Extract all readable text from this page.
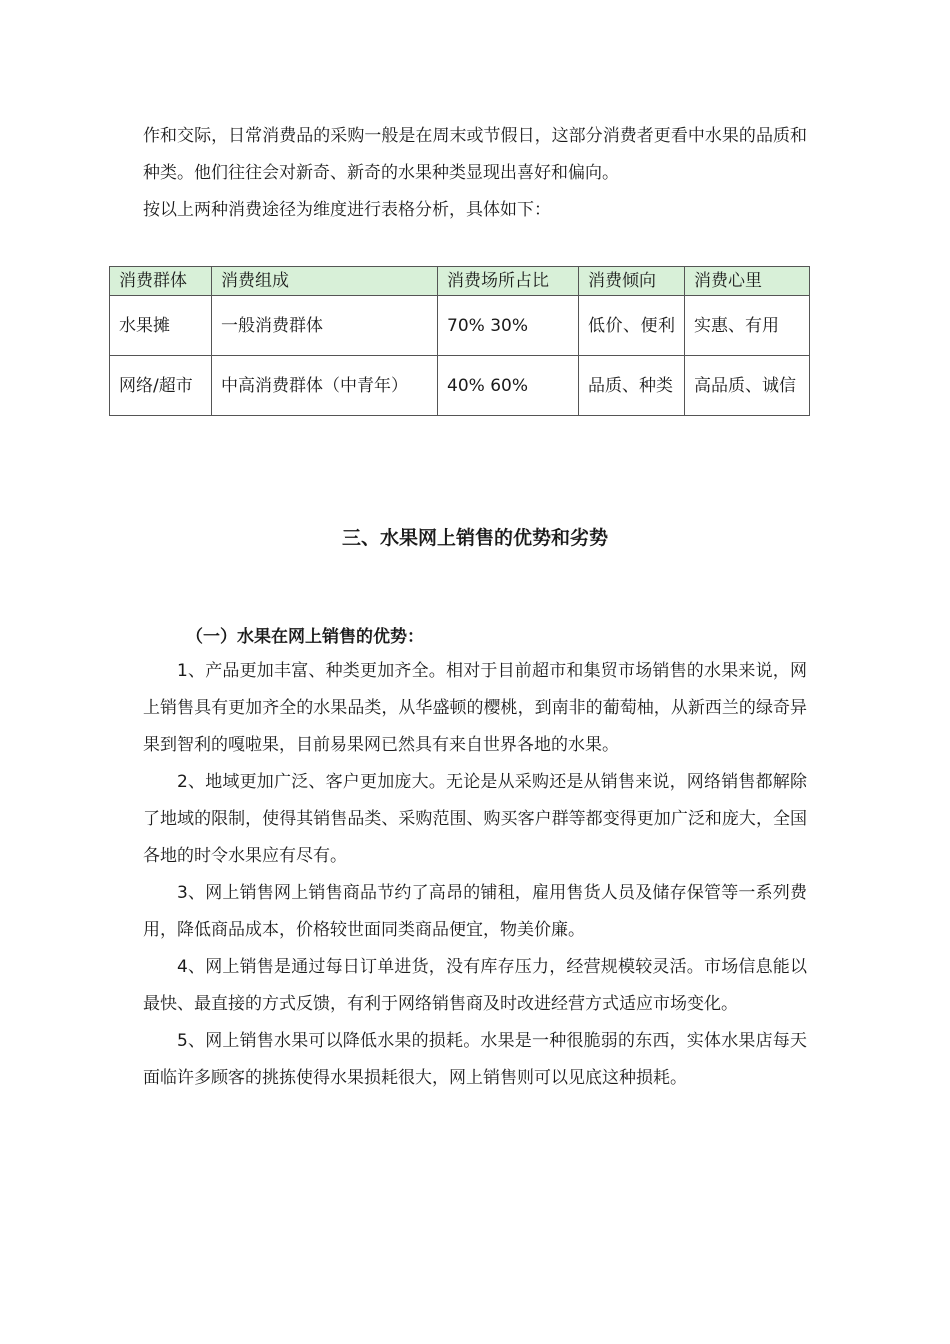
作和交际，日常消费品的采购一般是在周末或节假日，这部分消费者更看中水果的品质和种类。他们往往会对新奇、新奇的水果种类显现出喜好和偏向。

按以上两种消费途径为维度进行表格分析，具体如下：

消费群体	消费组成	消费场所占比	消费倾向	消费心里
水果摊	一般消费群体	70% 30%	低价、便利	实惠、有用
网络/超市	中高消费群体（中青年）	40% 60%	品质、种类	高品质、诚信
三、水果网上销售的优势和劣势

（一）水果在网上销售的优势：

1、产品更加丰富、种类更加齐全。相对于目前超市和集贸市场销售的水果来说，网上销售具有更加齐全的水果品类，从华盛顿的樱桃，到南非的葡萄柚，从新西兰的绿奇异果到智利的嘎啦果，目前易果网已然具有来自世界各地的水果。

2、地域更加广泛、客户更加庞大。无论是从采购还是从销售来说，网络销售都解除了地域的限制，使得其销售品类、采购范围、购买客户群等都变得更加广泛和庞大，全国各地的时令水果应有尽有。

3、网上销售网上销售商品节约了高昂的铺租，雇用售货人员及储存保管等一系列费用，降低商品成本，价格较世面同类商品便宜，物美价廉。

4、网上销售是通过每日订单进货，没有库存压力，经营规模较灵活。市场信息能以最快、最直接的方式反馈，有利于网络销售商及时改进经营方式适应市场变化。

5、网上销售水果可以降低水果的损耗。水果是一种很脆弱的东西，实体水果店每天面临许多顾客的挑拣使得水果损耗很大，网上销售则可以见底这种损耗。
